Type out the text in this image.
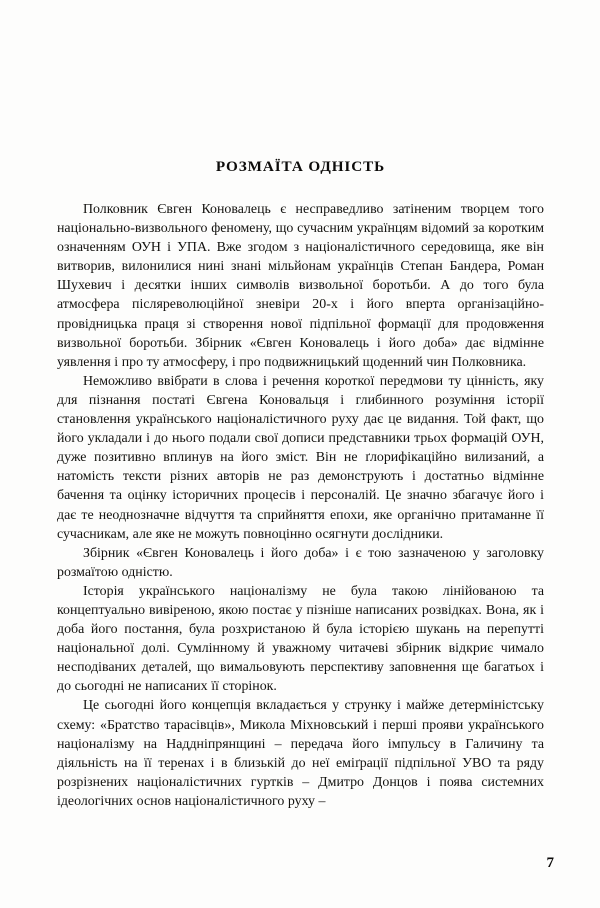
РОЗМАЇТА ОДНІСТЬ

Полковник Євген Коновалець є несправедливо затіненим творцем того національно-визвольного феномену, що сучасним українцям відомий за коротким означенням ОУН і УПА. Вже згодом з націоналістичного середовища, яке він витворив, вилонилися нині знані мільйонам українців Степан Бандера, Роман Шухевич і десятки інших символів визвольної боротьби. А до того була атмосфера післяреволюційної зневіри 20-х і його вперта організаційно-провідницька праця зі створення нової підпільної формації для продовження визвольної боротьби. Збірник «Євген Коновалець і його доба» дає відмінне уявлення і про ту атмосферу, і про подвижницький щоденний чин Полковника.

Неможливо ввібрати в слова і речення короткої передмови ту цінність, яку для пізнання постаті Євгена Коновальця і глибинного розуміння історії становлення українського націоналістичного руху дає це видання. Той факт, що його укладали і до нього подали свої дописи представники трьох формацій ОУН, дуже позитивно вплинув на його зміст. Він не ґлорифікаційно вилизаний, а натомість тексти різних авторів не раз демонструють і достатньо відмінне бачення та оцінку історичних процесів і персоналій. Це значно збагачує його і дає те неоднозначне відчуття та сприйняття епохи, яке органічно притаманне її сучасникам, але яке не можуть повноцінно осягнути дослідники.

Збірник «Євген Коновалець і його доба» і є тою зазначеною у заголовку розмаїтою одністю.

Історія українського націоналізму не була такою лінійованою та концептуально вивіреною, якою постає у пізніше написаних розвідках. Вона, як і доба його постання, була розхристаною й була історією шукань на перепутті національної долі. Сумлінному й уважному читачеві збірник відкриє чимало несподіваних деталей, що вимальовують перспективу заповнення ще багатьох і до сьогодні не написаних її сторінок.

Це сьогодні його концепція вкладається у струнку і майже детерміністську схему: «Братство тарасівців», Микола Міхновський і перші прояви українського націоналізму на Наддніпрянщині – передача його імпульсу в Галичину та діяльність на її теренах і в близькій до неї еміґрації підпільної УВО та ряду розрізнених націоналістичних гуртків – Дмитро Донцов і поява системних ідеологічних основ націоналістичного руху –

7
